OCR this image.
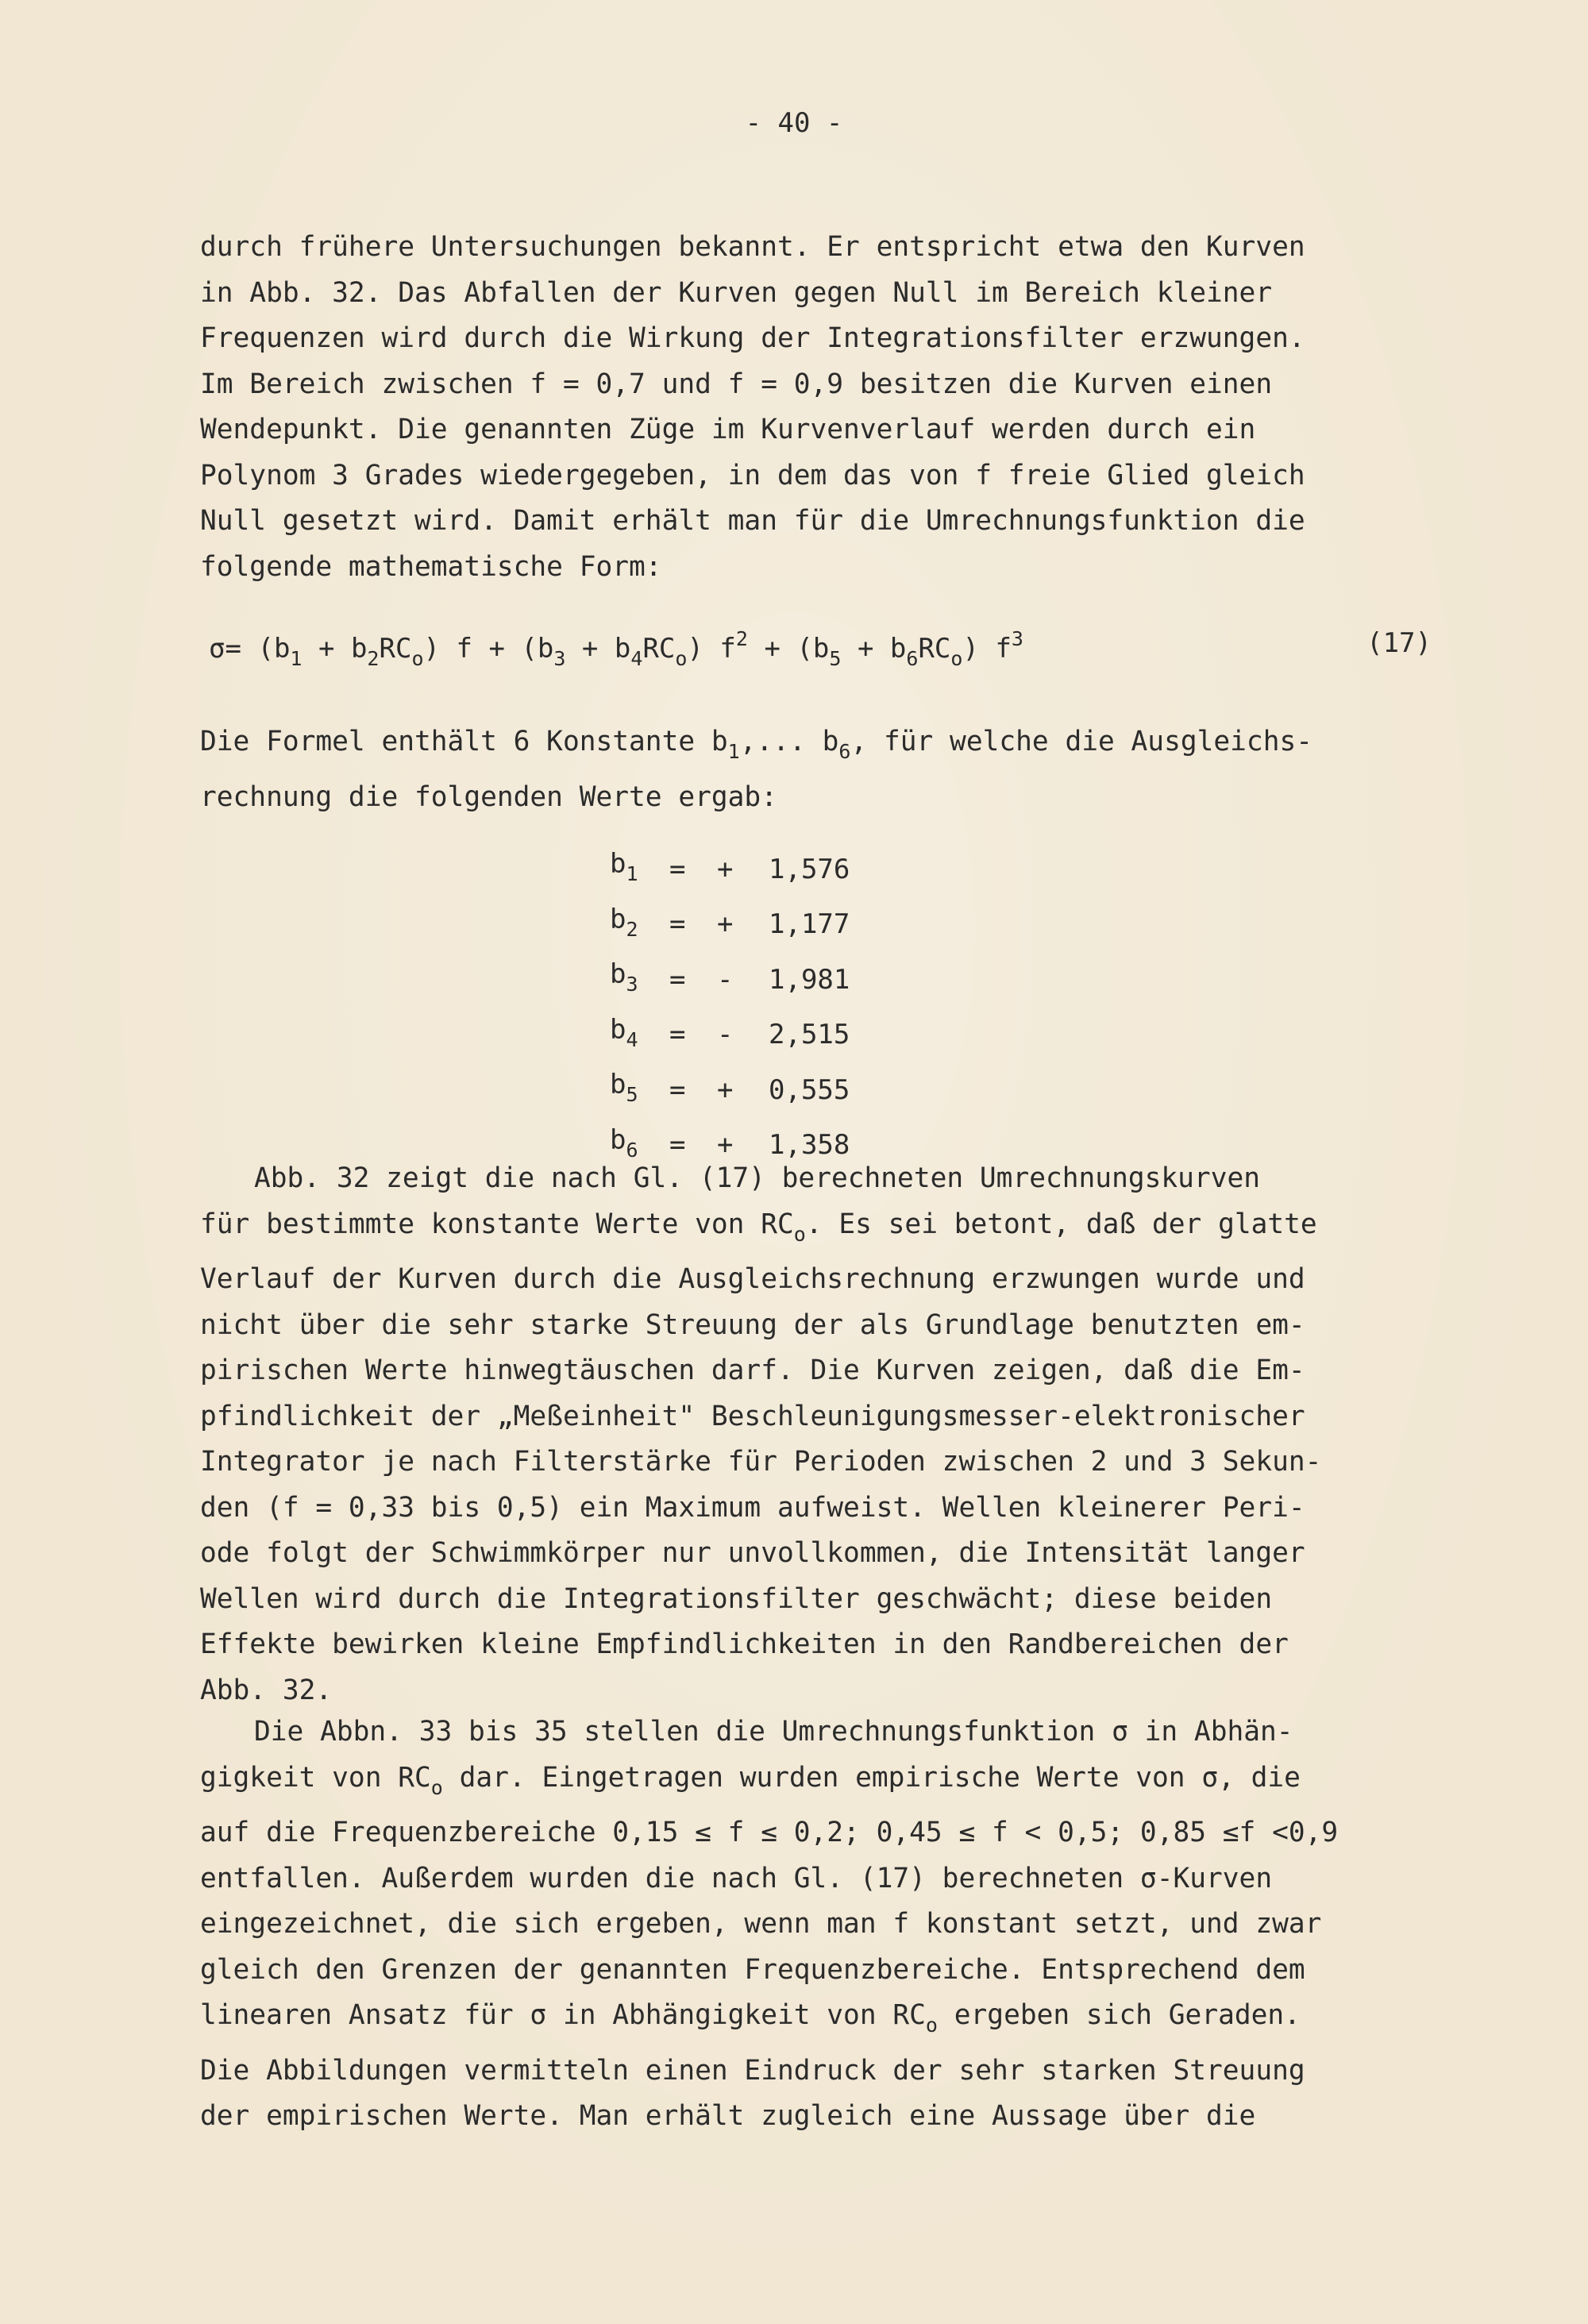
- 40 -
durch frühere Untersuchungen bekannt. Er entspricht etwa den Kurven
in Abb. 32. Das Abfallen der Kurven gegen Null im Bereich kleiner
Frequenzen wird durch die Wirkung der Integrationsfilter erzwungen.
Im Bereich zwischen f = 0,7 und f = 0,9 besitzen die Kurven einen
Wendepunkt. Die genannten Züge im Kurvenverlauf werden durch ein
Polynom 3 Grades wiedergegeben, in dem das von f freie Glied gleich
Null gesetzt wird. Damit erhält man für die Umrechnungsfunktion die
folgende mathematische Form:
$\sigma= (b_1 + b_2RC_o) f + (b_3 + b_4RC_o) f^2 + (b_5 + b_6RC_o)$ $f^3$	(17)
Die Formel enthält 6 Konstante $b_1$,... $b_6$, für welche die Ausgleichs-
rechnung die folgenden Werte ergab:
$b_1$	=	+	1,576
$b_2$	=	+	1,177
$b_3$	=	-	1,981
$b_4$	=	-	2,515
$b_5$	=	+	0,555
$b_6$	=	+	1,358
Abb. 32 zeigt die nach Gl. (17) berechneten Umrechnungskurven
für bestimmte konstante Werte von $RC_o$. Es sei betont, daß der glatte
Verlauf der Kurven durch die Ausgleichsrechnung erzwungen wurde und
nicht über die sehr starke Streuung der als Grundlage benutzten em-
pirischen Werte hinwegtäuschen darf. Die Kurven zeigen, daß die Em-
pfindlichkeit der „Meßeinheit" Beschleunigungsmesser-elektronischer
Integrator je nach Filterstärke für Perioden zwischen 2 und 3 Sekun-
den (f = 0,33 bis 0,5) ein Maximum aufweist. Wellen kleinerer Peri-
ode folgt der Schwimmkörper nur unvollkommen, die Intensität langer
Wellen wird durch die Integrationsfilter geschwächt; diese beiden
Effekte bewirken kleine Empfindlichkeiten in den Randbereichen der
Abb. 32.
Die Abbn. 33 bis 35 stellen die Umrechnungsfunktion σ in Abhän-
gigkeit von $RC_o$ dar. Eingetragen wurden empirische Werte von σ, die
auf die Frequenzbereiche 0,15 ≤ f ≤ 0,2; 0,45 ≤ f < 0,5; 0,85 ≤f <0,9
entfallen. Außerdem wurden die nach Gl. (17) berechneten σ-Kurven
eingezeichnet, die sich ergeben, wenn man f konstant setzt, und zwar
gleich den Grenzen der genannten Frequenzbereiche. Entsprechend dem
linearen Ansatz für σ in Abhängigkeit von $RC_o$ ergeben sich Geraden.
Die Abbildungen vermitteln einen Eindruck der sehr starken Streuung
der empirischen Werte. Man erhält zugleich eine Aussage über die
